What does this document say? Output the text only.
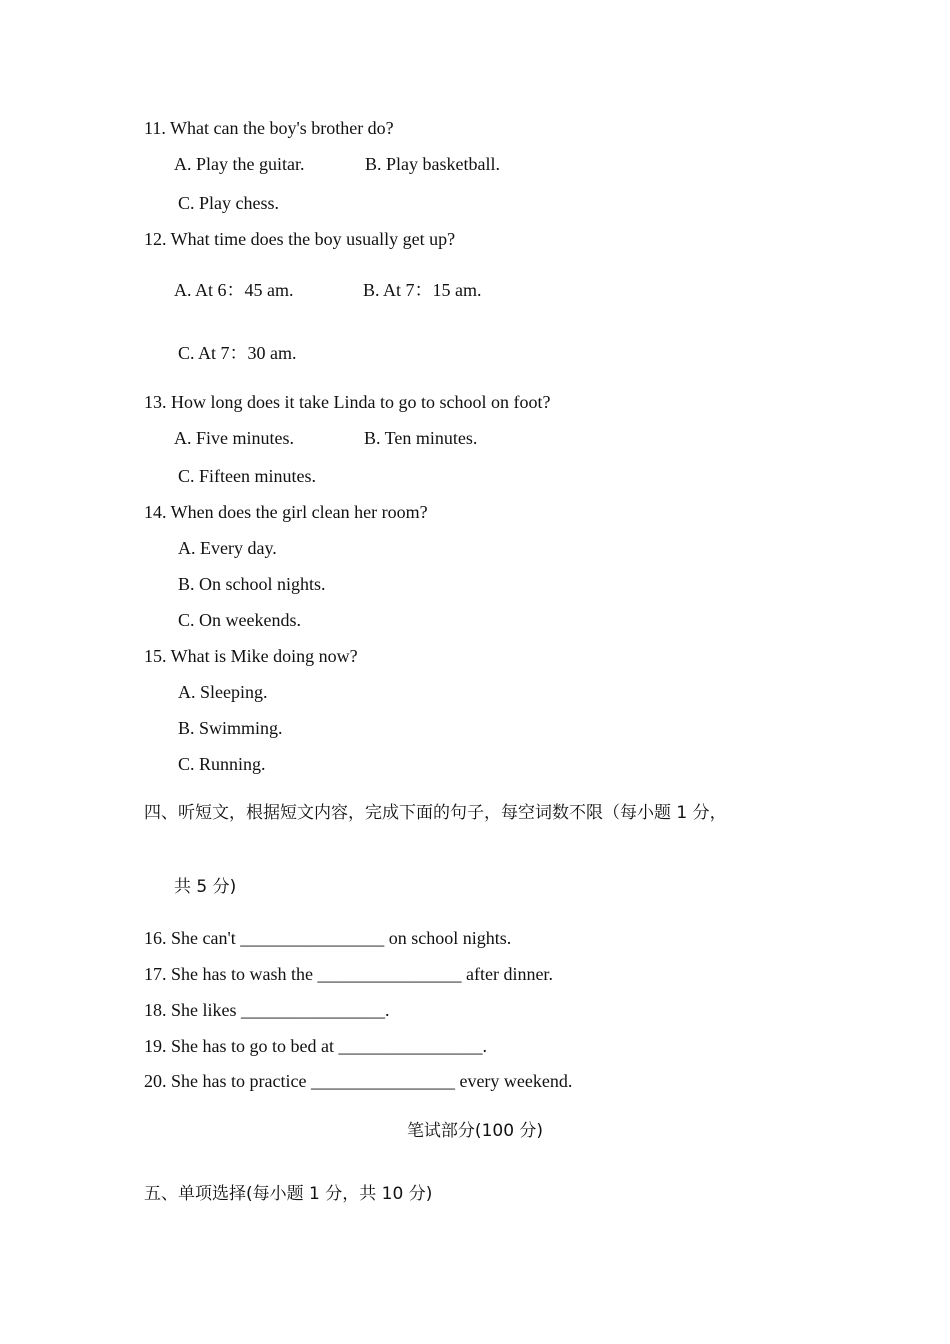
11. What can the boy's brother do?
A. Play the guitar.	B. Play basketball.
C. Play chess.
12. What time does the boy usually get up?
A. At 6：45 am.	B. At 7：15 am.
C. At 7：30 am.
13. How long does it take Linda to go to school on foot?
A. Five minutes.	B. Ten minutes.
C. Fifteen minutes.
14. When does the girl clean her room?
A. Every day.
B. On school nights.
C. On weekends.
15. What is Mike doing now?
A. Sleeping.
B. Swimming.
C. Running.
四、听短文，根据短文内容，完成下面的句子，每空词数不限（每小题 1 分，
共 5 分)
16. She can't ________________ on school nights.
17. She has to wash the ________________ after dinner.
18. She likes ________________.
19. She has to go to bed at ________________.
20. She has to practice ________________ every weekend.
笔试部分(100 分)
五、单项选择(每小题 1 分，共 10 分)
